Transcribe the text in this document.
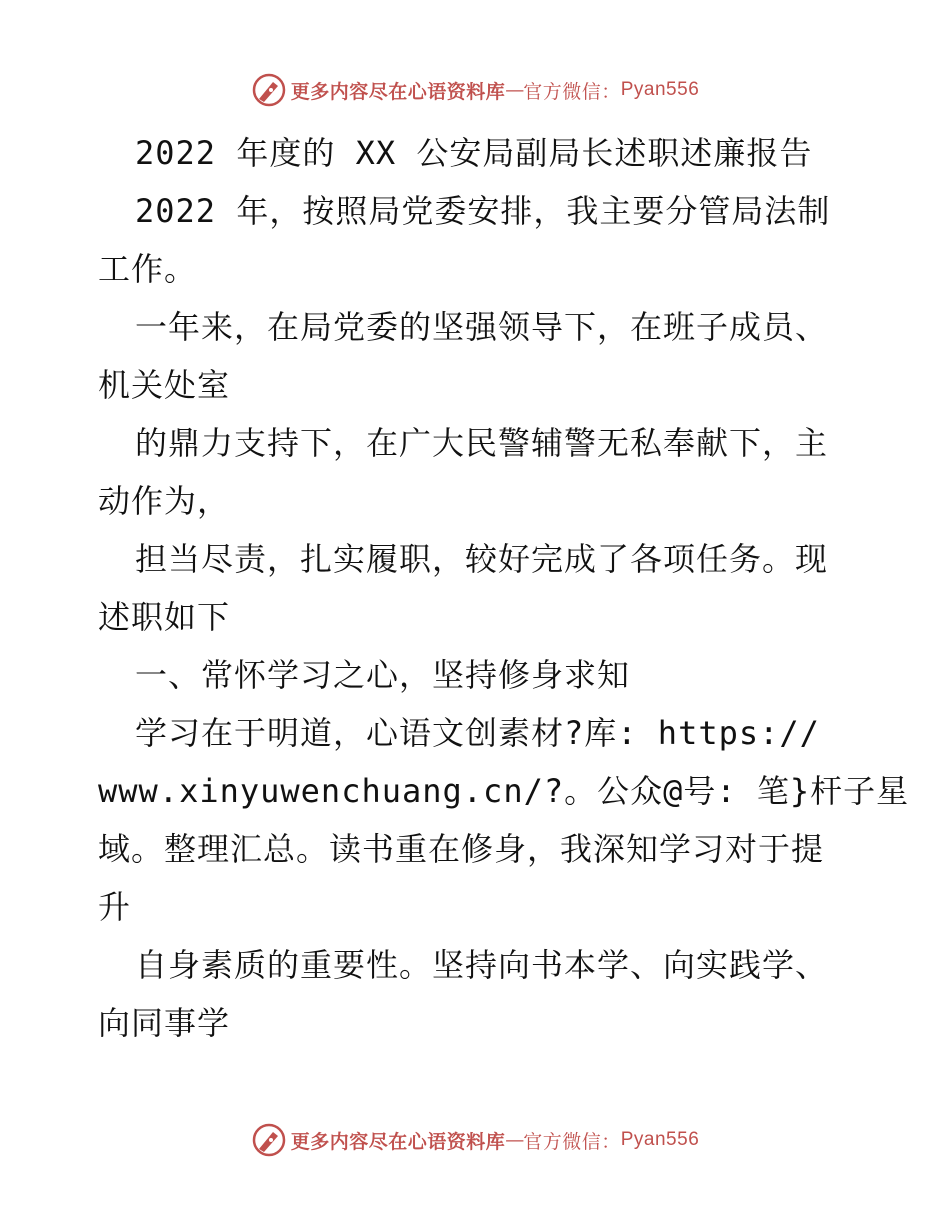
更多内容尽在心语资料库 — 官方微信： Pyan556
2022 年度的 XX 公安局副局长述职述廉报告
2022 年，按照局党委安排，我主要分管局法制
工作。
一年来，在局党委的坚强领导下，在班子成员、
机关处室
的鼎力支持下，在广大民警辅警无私奉献下，主
动作为，
担当尽责，扎实履职，较好完成了各项任务。现
述职如下
一、常怀学习之心，坚持修身求知
学习在于明道，心语文创素材?库: https://
www.xinyuwenchuang.cn/?。公众@号: 笔}杆子星
域。整理汇总。读书重在修身，我深知学习对于提
升
自身素质的重要性。坚持向书本学、向实践学、
向同事学
更多内容尽在心语资料库 — 官方微信： Pyan556
